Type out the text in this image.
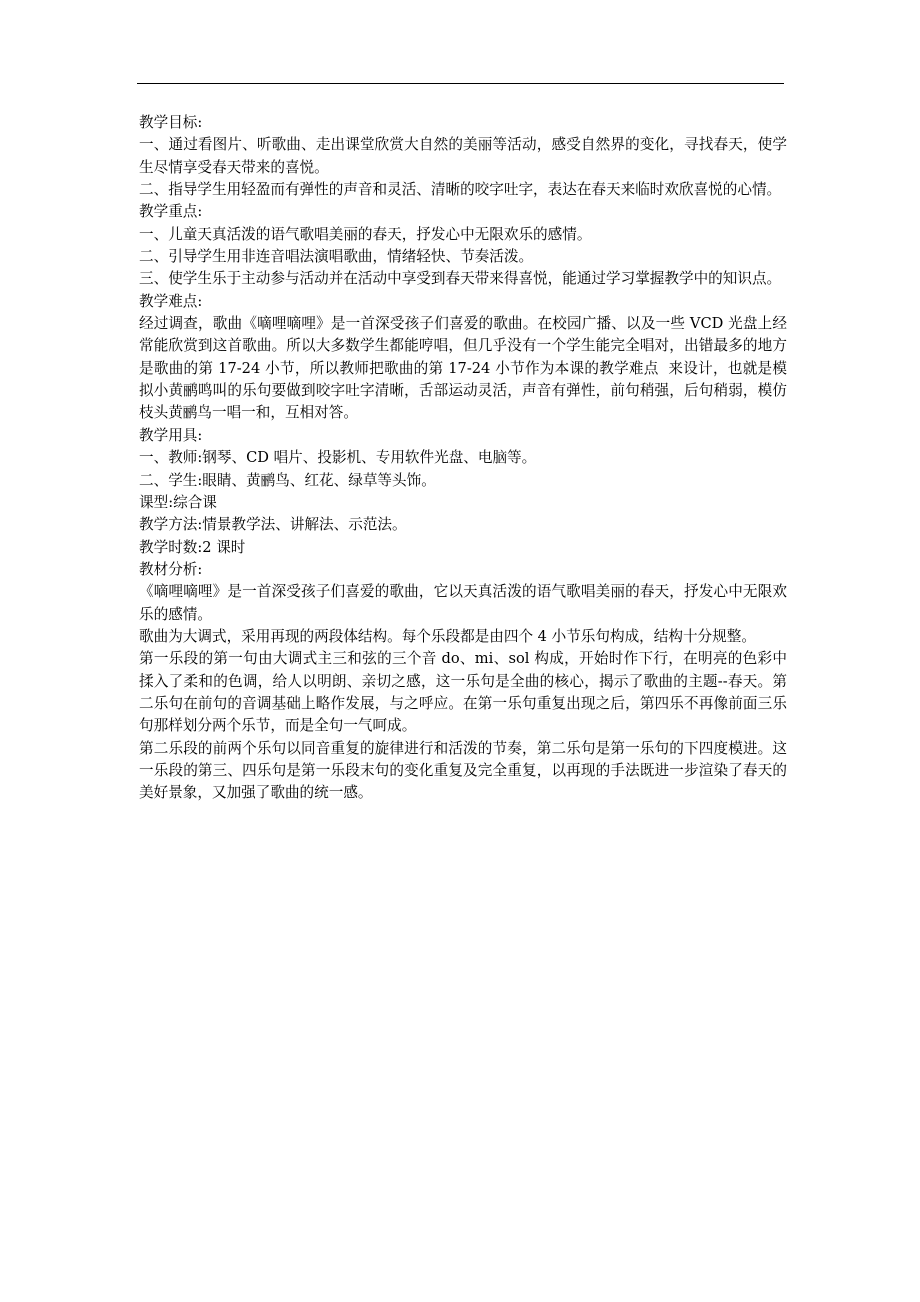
教学目标:

一、通过看图片、听歌曲、走出课堂欣赏大自然的美丽等活动，感受自然界的变化，寻找春天，使学生尽情享受春天带来的喜悦。

二、指导学生用轻盈而有弹性的声音和灵活、清晰的咬字吐字，表达在春天来临时欢欣喜悦的心情。

教学重点:

一、儿童天真活泼的语气歌唱美丽的春天，抒发心中无限欢乐的感情。

二、引导学生用非连音唱法演唱歌曲，情绪轻快、节奏活泼。

三、使学生乐于主动参与活动并在活动中享受到春天带来得喜悦，能通过学习掌握教学中的知识点。

教学难点:

经过调查，歌曲《嘀哩嘀哩》是一首深受孩子们喜爱的歌曲。在校园广播、以及一些 VCD 光盘上经常能欣赏到这首歌曲。所以大多数学生都能哼唱，但几乎没有一个学生能完全唱对，出错最多的地方是歌曲的第 17-24 小节，所以教师把歌曲的第 17-24 小节作为本课的教学难点  来设计，也就是模拟小黄鹂鸣叫的乐句要做到咬字吐字清晰，舌部运动灵活，声音有弹性，前句稍强，后句稍弱，模仿枝头黄鹂鸟一唱一和，互相对答。

教学用具:

一、教师:钢琴、CD 唱片、投影机、专用软件光盘、电脑等。

二、学生:眼睛、黄鹂鸟、红花、绿草等头饰。

课型:综合课

教学方法:情景教学法、讲解法、示范法。

教学时数:2 课时

教材分析:

《嘀哩嘀哩》是一首深受孩子们喜爱的歌曲，它以天真活泼的语气歌唱美丽的春天，抒发心中无限欢乐的感情。

歌曲为大调式，采用再现的两段体结构。每个乐段都是由四个 4 小节乐句构成，结构十分规整。

第一乐段的第一句由大调式主三和弦的三个音 do、mi、sol 构成，开始时作下行，在明亮的色彩中揉入了柔和的色调，给人以明朗、亲切之感，这一乐句是全曲的核心，揭示了歌曲的主题--春天。第二乐句在前句的音调基础上略作发展，与之呼应。在第一乐句重复出现之后，第四乐不再像前面三乐句那样划分两个乐节，而是全句一气呵成。

第二乐段的前两个乐句以同音重复的旋律进行和活泼的节奏，第二乐句是第一乐句的下四度模进。这一乐段的第三、四乐句是第一乐段末句的变化重复及完全重复，以再现的手法既进一步渲染了春天的美好景象，又加强了歌曲的统一感。
